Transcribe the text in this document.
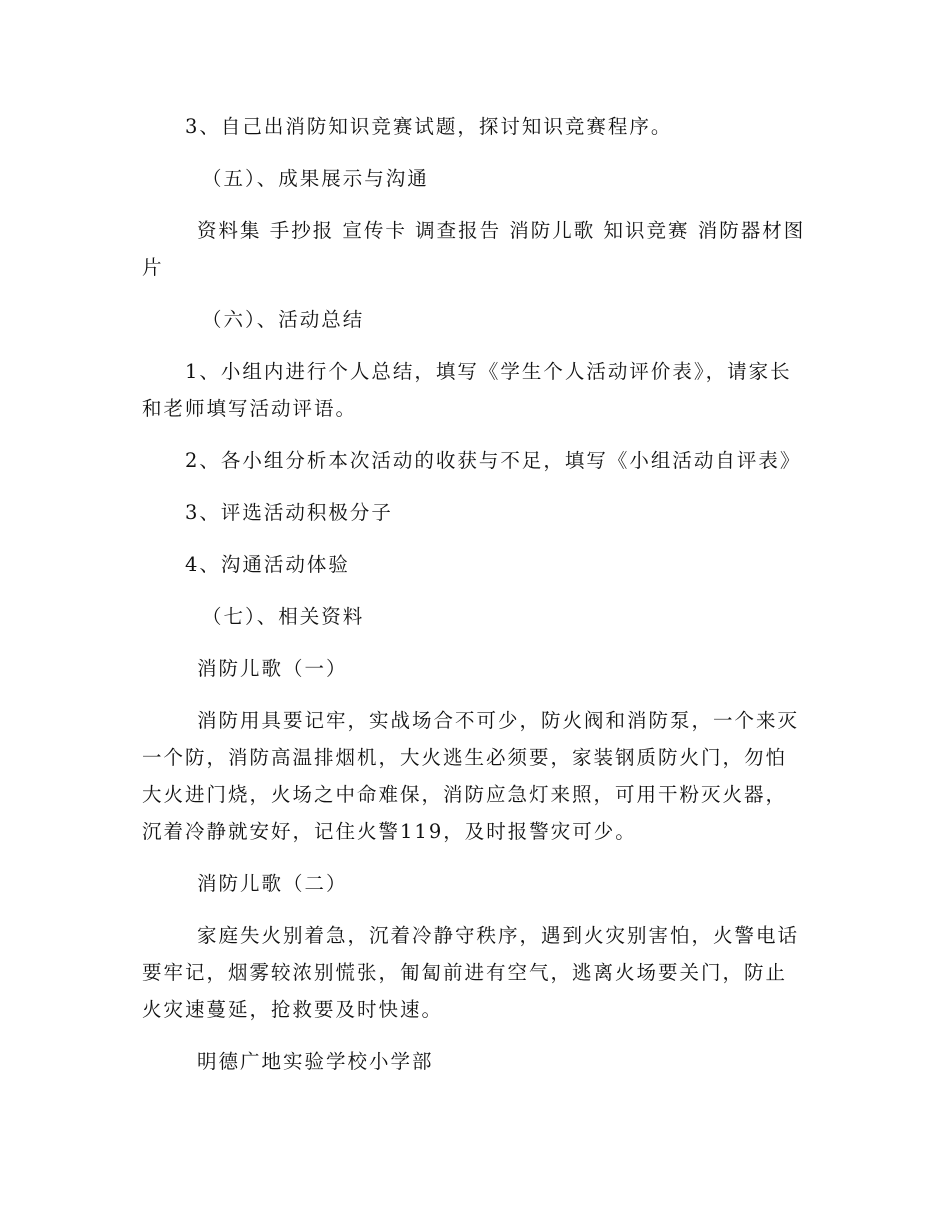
3、自己出消防知识竞赛试题，探讨知识竞赛程序。

（五）、成果展示与沟通

资料集 手抄报 宣传卡 调查报告 消防儿歌 知识竞赛 消防器材图片

（六）、活动总结

1、小组内进行个人总结，填写《学生个人活动评价表》，请家长和老师填写活动评语。

2、各小组分析本次活动的收获与不足，填写《小组活动自评表》

3、评选活动积极分子

4、沟通活动体验

（七）、相关资料

消防儿歌（一）

消防用具要记牢，实战场合不可少，防火阀和消防泵，一个来灭一个防，消防高温排烟机，大火逃生必须要，家装钢质防火门，勿怕大火进门烧，火场之中命难保，消防应急灯来照，可用干粉灭火器，沉着冷静就安好，记住火警119，及时报警灾可少。

消防儿歌（二）

家庭失火别着急，沉着冷静守秩序，遇到火灾别害怕，火警电话要牢记，烟雾较浓别慌张，匍匐前进有空气，逃离火场要关门，防止火灾速蔓延，抢救要及时快速。

明德广地实验学校小学部
